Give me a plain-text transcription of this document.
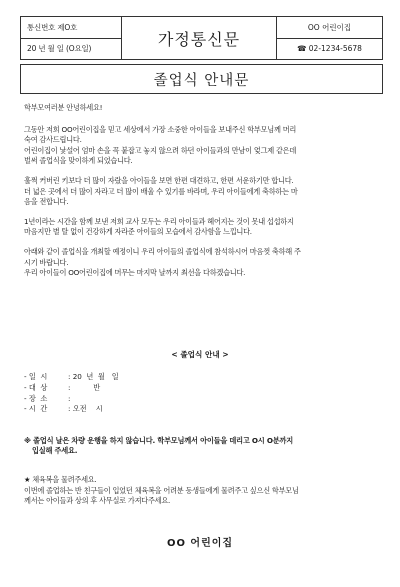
통신번호 제O호
20 년 월 일 (O요일)
가정통신문
OO 어린이집
☎ 02-1234-5678
졸업식 안내문

학부모여러분 안녕하세요!

그동안 저희 OO어린이집을 믿고 세상에서 가장 소중한 아이들을 보내주신 학부모님께 머리
숙여 감사드립니다.
어린이집이 낯설어 엄마 손을 꼭 붙잡고 놓지 않으려 하던 아이들과의 만남이 엊그제 같은데
벌써 졸업식을 맞이하게 되었습니다.

훌쩍 커버린 키보다 더 많이 자랐을 아이들을 보면 한편 대견하고, 한편 서운하기만 합니다.
더 넓은 곳에서 더 많이 자라고 더 많이 배울 수 있기를 바라며, 우리 아이들에게 축하하는 마
음을 전합니다.

1년이라는 시간을 함께 보낸 저희 교사 모두는 우리 아이들과 헤어지는 것이 못내 섭섭하지
마음지만 별 탈 없이 건강하게 자라준 아이들의 모습에서 감사함을 느낍니다.

아래와 같이 졸업식을 개최할 예정이니 우리 아이들의 졸업식에 참석하시어 마음껏 축하해 주
시기 바랍니다.
우리 아이들이 OO어린이집에 머무는 마지막 날까지 최선을 다하겠습니다.

< 졸업식 안내 >
- 일  시	: 20  년  월   일
- 대  상	:          반
- 장  소	:
- 시  간	: 오전    시
※ 졸업식 날은 차량 운행을 하지 않습니다. 학부모님께서 아이들을 데리고 O시 O분까지
입실해 주세요.
★ 체육복을 물려주세요.
이번에 졸업하는 반 친구들이 입었던 체육복을 어려분 동생들에게 물려주고 싶으신 학부모님
께서는 아이들과 상의 후 사무실로 가져다주세요.
OO 어린이집
